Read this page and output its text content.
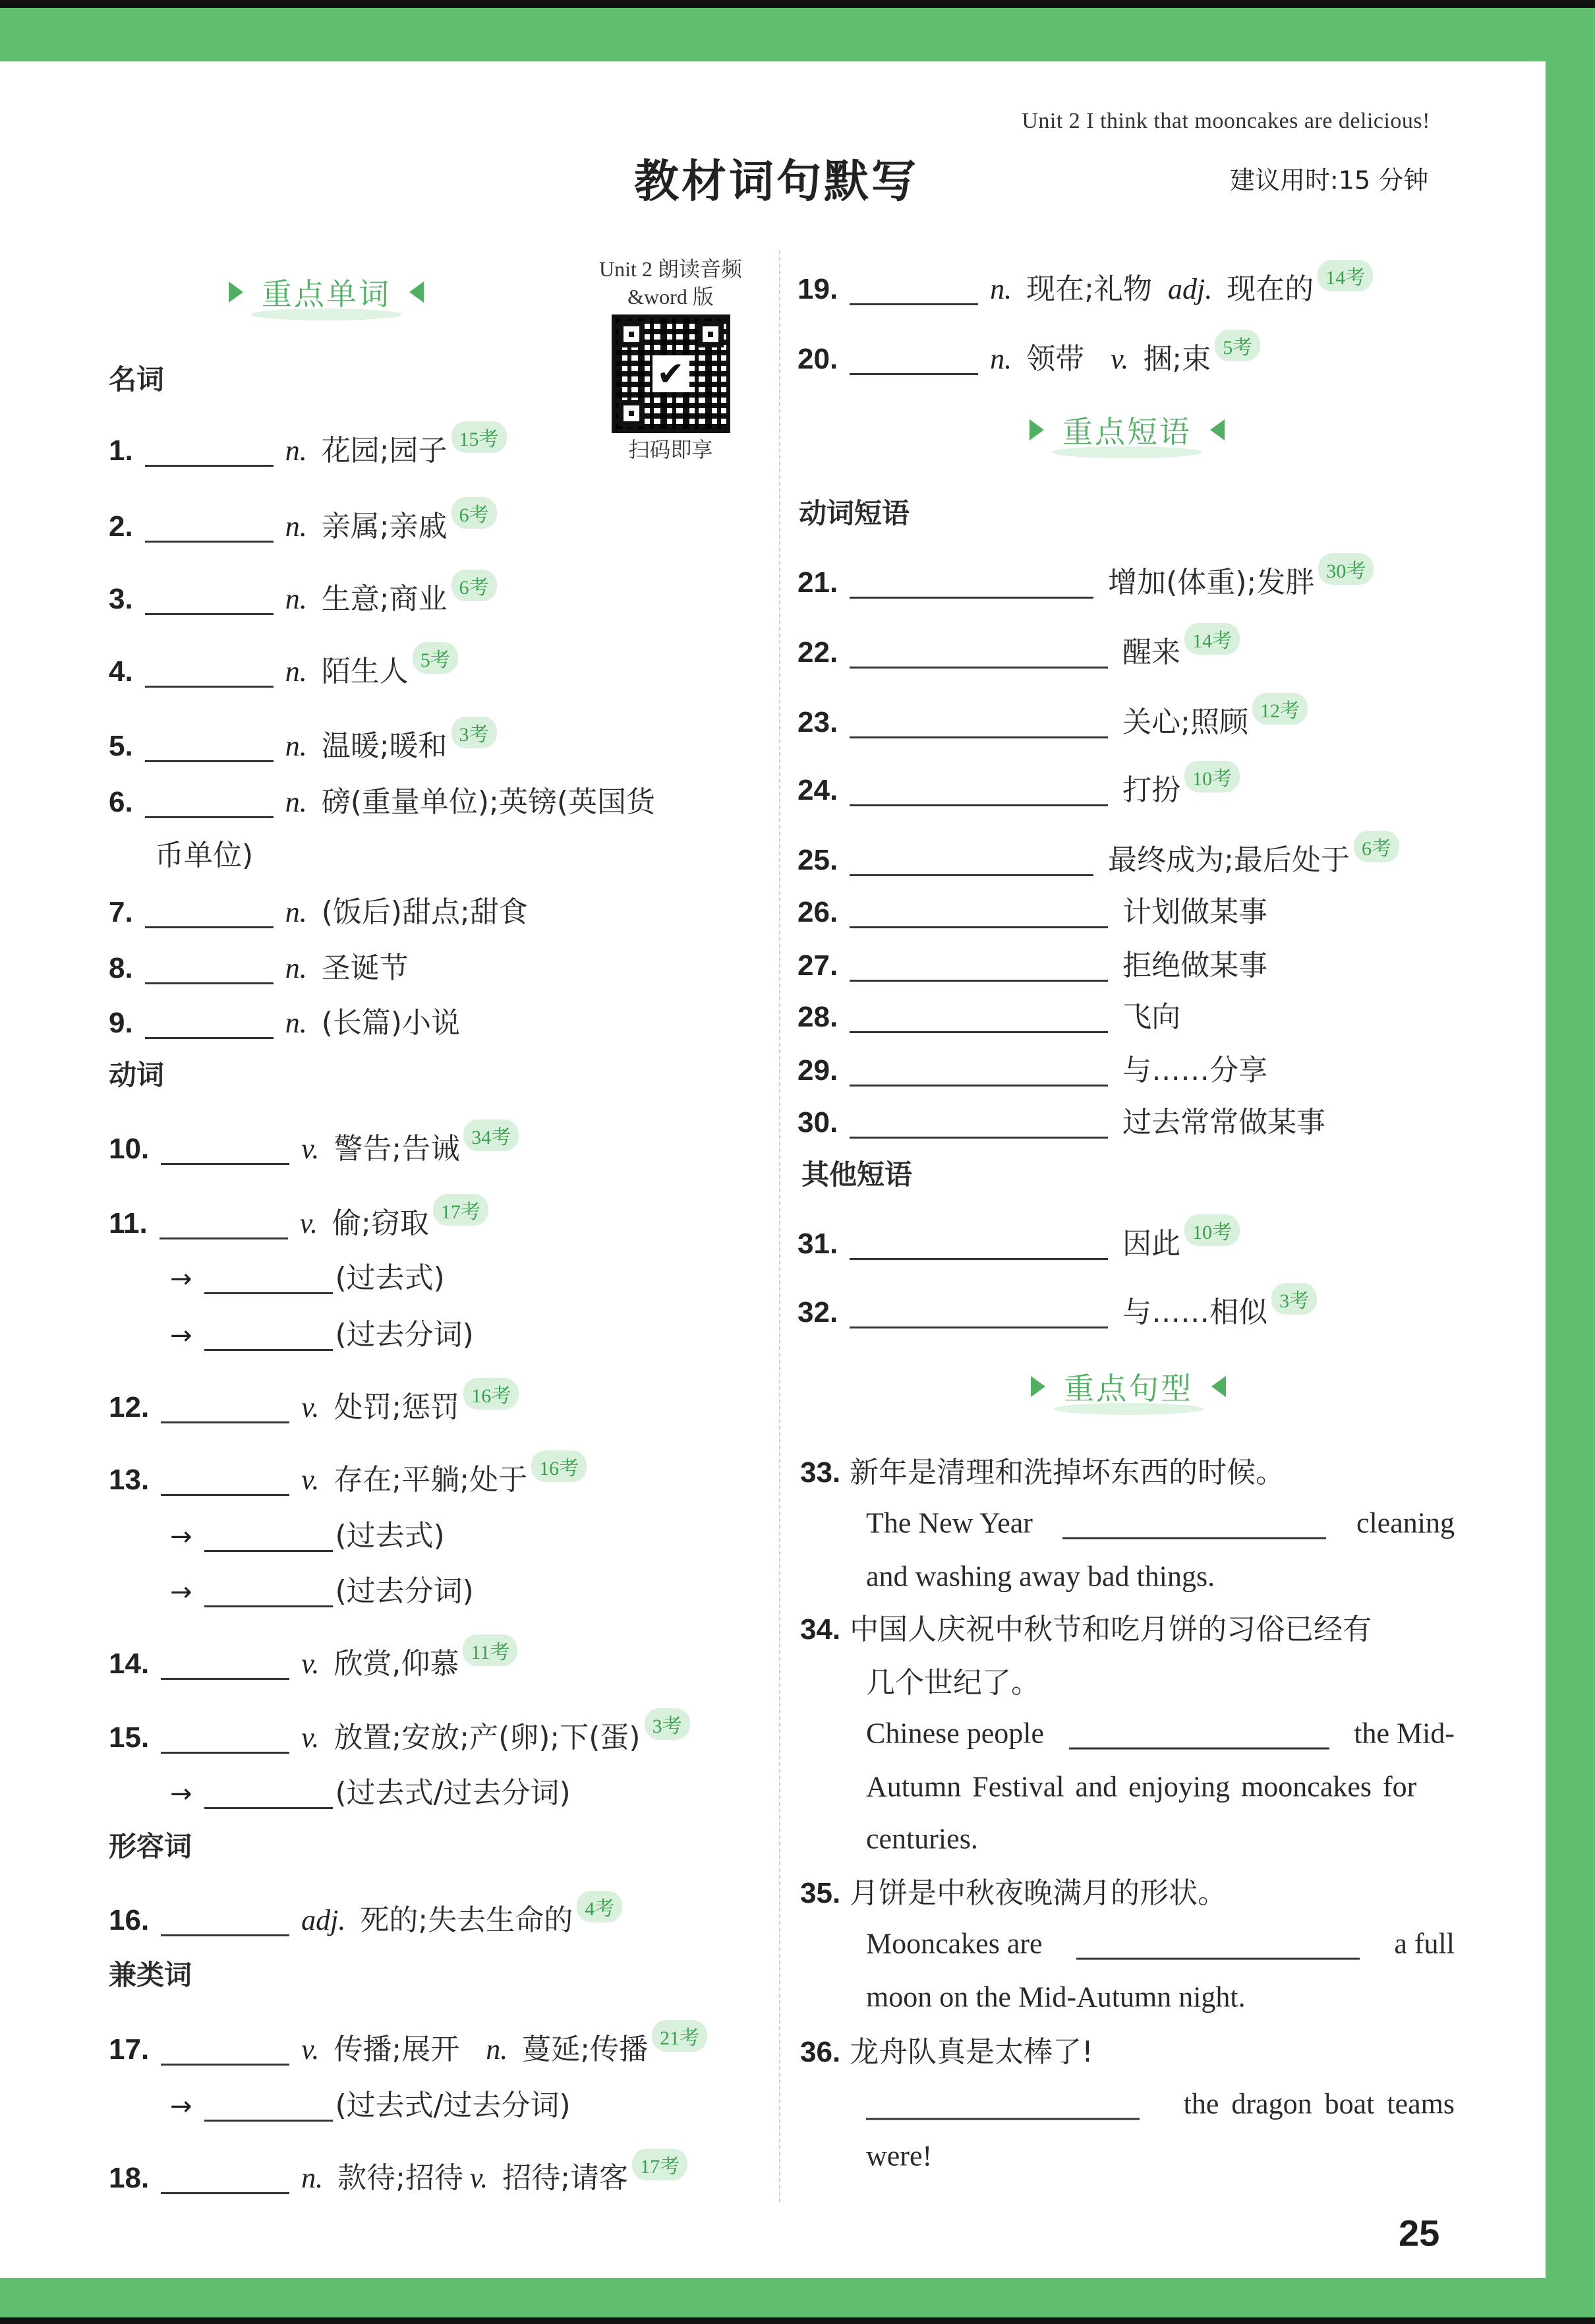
Unit 2 I think that mooncakes are delicious!
教材词句默写	建议用时:15 分钟
重点单词
Unit 2 朗读音频
&word 版
✔
扫码即享
名词
1.	n. 花园;园子 15考
2.	n. 亲属;亲戚 6考
3.	n. 生意;商业 6考
4.	n. 陌生人 5考
5.	n. 温暖;暖和 3考
6.	n. 磅(重量单位);英镑(英国货
币单位)
7.	n. (饭后)甜点;甜食
8.	n. 圣诞节
9.	n. (长篇)小说
动词
10.	v. 警告;告诫 34考
11.	v. 偷;窃取 17考
→	(过去式)
→	(过去分词)
12.	v. 处罚;惩罚 16考
13.	v. 存在;平躺;处于 16考
→	(过去式)
→	(过去分词)
14.	v. 欣赏,仰慕 11考
15.	v. 放置;安放;产(卵);下(蛋) 3考
→	(过去式/过去分词)
形容词
16.	adj. 死的;失去生命的 4考
兼类词
17.	v. 传播;展开 n. 蔓延;传播 21考
→	(过去式/过去分词)
18.	n. 款待;招待 v. 招待;请客 17考
19.	n. 现在;礼物 adj. 现在的 14考
20.	n. 领带 v. 捆;束 5考
重点短语
动词短语
21.	增加(体重);发胖 30考
22.	醒来 14考
23.	关心;照顾 12考
24.	打扮 10考
25.	最终成为;最后处于 6考
26.	计划做某事
27.	拒绝做某事
28.	飞向
29.	与……分享
30.	过去常常做某事
其他短语
31.	因此 10考
32.	与……相似 3考
重点句型
33. 新年是清理和洗掉坏东西的时候。
The New Year	cleaning
and washing away bad things.
34. 中国人庆祝中秋节和吃月饼的习俗已经有
几个世纪了。
Chinese people	the Mid-
Autumn Festival and enjoying mooncakes for
centuries.
35. 月饼是中秋夜晚满月的形状。
Mooncakes are	a full
moon on the Mid-Autumn night.
36. 龙舟队真是太棒了!
the dragon boat teams
were!
25
